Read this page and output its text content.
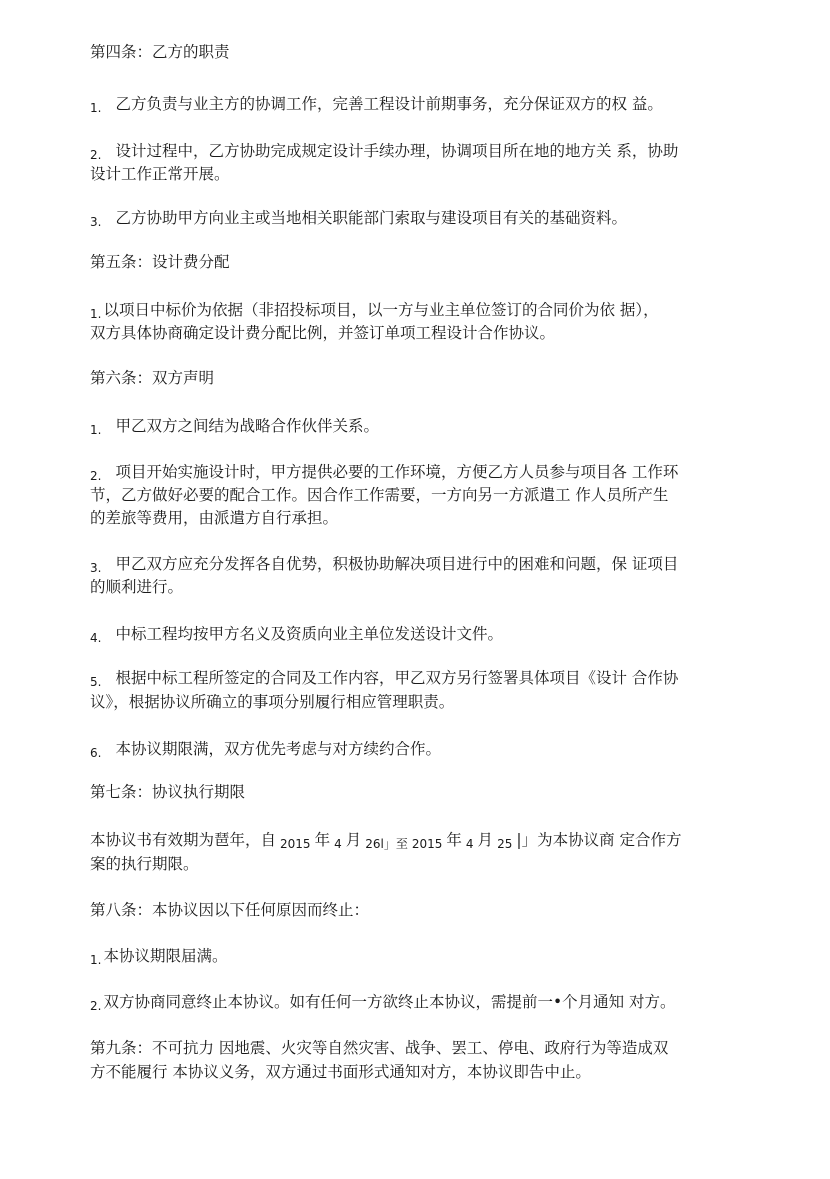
第四条：乙方的职责
1. 乙方负责与业主方的协调工作，完善工程设计前期事务，充分保证双方的权 益。
2. 设计过程中，乙方协助完成规定设计手续办理，协调项目所在地的地方关 系，协助
设计工作正常开展。
3. 乙方协助甲方向业主或当地相关职能部门索取与建设项目有关的基础资料。
第五条：设计费分配
1. 以项日中标价为依据（非招投标项目，以一方与业主单位签订的合同价为依 据），
双方具体协商确定设计费分配比例，并签订单项工程设计合作协议。
第六条：双方声明
1. 甲乙双方之间结为战略合作伙伴关系。
2. 项目开始实施设计时，甲方提供必要的工作环境，方便乙方人员参与项目各 工作环
节，乙方做好必要的配合工作。因合作工作需要，一方向另一方派遣工 作人员所产生
的差旅等费用，由派遣方自行承担。
3. 甲乙双方应充分发挥各自优势，积极协助解决项目进行中的困难和问题，保 证项目
的顺利进行。
4. 中标工程均按甲方名义及资质向业主单位发送设计文件。
5. 根据中标工程所签定的合同及工作内容，甲乙双方另行签署具体项目《设计 合作协
议》，根据协议所确立的事项分别履行相应管理职责。
6. 本协议期限满，双方优先考虑与对方续约合作。
第七条：协议执行期限
本协议书有效期为琶年，自 2015 年 4 月 26l」至 2015 年 4 月 25 |」为本协议商 定合作方
案的执行期限。
第八条：本协议因以下任何原因而终止：
1. 本协议期限届满。
2. 双方协商同意终止本协议。如有任何一方欲终止本协议，需提前一•个月通知 对方。
第九条：不可抗力 因地震、火灾等自然灾害、战争、罢工、停电、政府行为等造成双
方不能履行 本协议义务，双方通过书面形式通知对方，本协议即告中止。
